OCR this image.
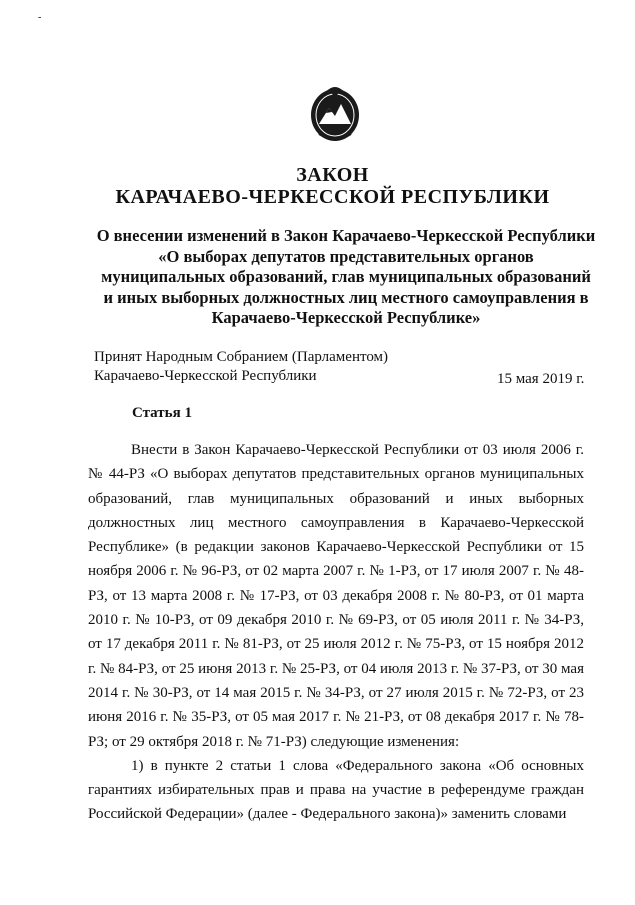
-
ЗАКОН
КАРАЧАЕВО-ЧЕРКЕССКОЙ РЕСПУБЛИКИ
О внесении изменений в Закон Карачаево-Черкесской Республики «О выборах депутатов представительных органов муниципальных образований, глав муниципальных образований и иных выборных должностных лиц местного самоуправления в Карачаево-Черкесской Республике»
Принят Народным Собранием (Парламентом)
Карачаево-Черкесской Республики	15 мая 2019 г.
Статья 1

Внести в Закон Карачаево-Черкесской Республики от 03 июля 2006 г. № 44-РЗ «О выборах депутатов представительных органов муниципальных образований, глав муниципальных образований и иных выборных должностных лиц местного самоуправления в Карачаево-Черкесской Республике» (в редакции законов Карачаево-Черкесской Республики от 15 ноября 2006 г. № 96-РЗ, от 02 марта 2007 г. № 1-РЗ, от 17 июля 2007 г. № 48-РЗ, от 13 марта 2008 г. № 17-РЗ, от 03 декабря 2008 г. № 80-РЗ, от 01 марта 2010 г. № 10-РЗ, от 09 декабря 2010 г. № 69-РЗ, от 05 июля 2011 г. № 34-РЗ, от 17 декабря 2011 г. № 81-РЗ, от 25 июля 2012 г. № 75-РЗ, от 15 ноября 2012 г. № 84-РЗ, от 25 июня 2013 г. № 25-РЗ, от 04 июля 2013 г. № 37-РЗ, от 30 мая 2014 г. № 30-РЗ, от 14 мая 2015 г. № 34-РЗ, от 27 июля 2015 г. № 72-РЗ, от 23 июня 2016 г. № 35-РЗ, от 05 мая 2017 г. № 21-РЗ, от 08 декабря 2017 г. № 78-РЗ; от 29 октября 2018 г. № 71-РЗ) следующие изменения:

1) в пункте 2 статьи 1 слова «Федерального закона «Об основных гарантиях избирательных прав и права на участие в референдуме граждан Российской Федерации» (далее - Федерального закона)» заменить словами
